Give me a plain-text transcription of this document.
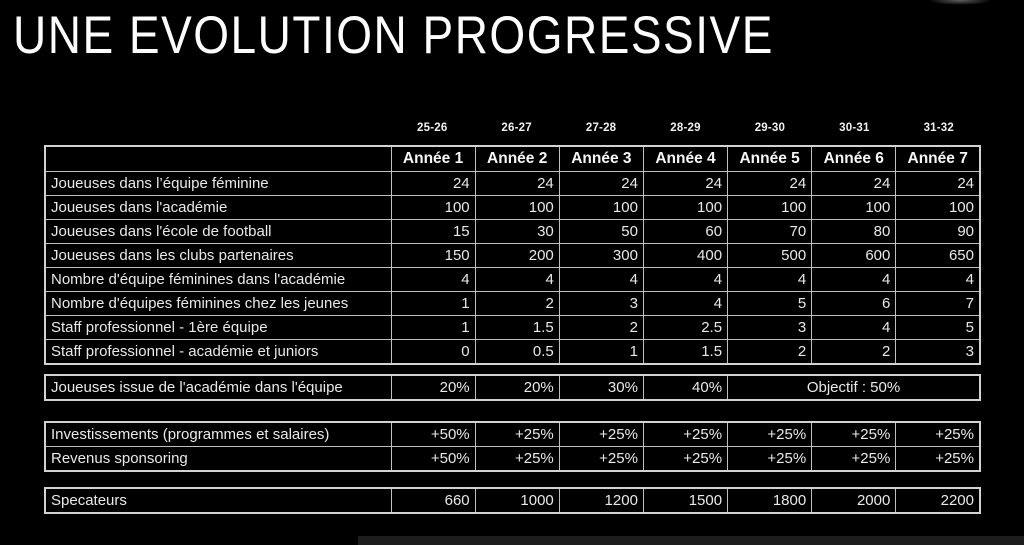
UNE EVOLUTION PROGRESSIVE
25-26	26-27	27-28	28-29	29-30	30-31	31-32
	Année 1	Année 2	Année 3	Année 4	Année 5	Année 6	Année 7
Joueuses dans l’équipe féminine	24	24	24	24	24	24	24
Joueuses dans l'académie	100	100	100	100	100	100	100
Joueuses dans l'école de football	15	30	50	60	70	80	90
Joueuses dans les clubs partenaires	150	200	300	400	500	600	650
Nombre d'équipe féminines dans l'académie	4	4	4	4	4	4	4
Nombre d'équipes féminines chez les jeunes	1	2	3	4	5	6	7
Staff professionnel - 1ère équipe	1	1.5	2	2.5	3	4	5
Staff professionnel - académie et juniors	0	0.5	1	1.5	2	2	3
Joueuses issue de l'académie dans l'équipe	20%	20%	30%	40%	Objectif : 50%
Investissements (programmes et salaires)	+50%	+25%	+25%	+25%	+25%	+25%	+25%
Revenus sponsoring	+50%	+25%	+25%	+25%	+25%	+25%	+25%
Specateurs	660	1000	1200	1500	1800	2000	2200
